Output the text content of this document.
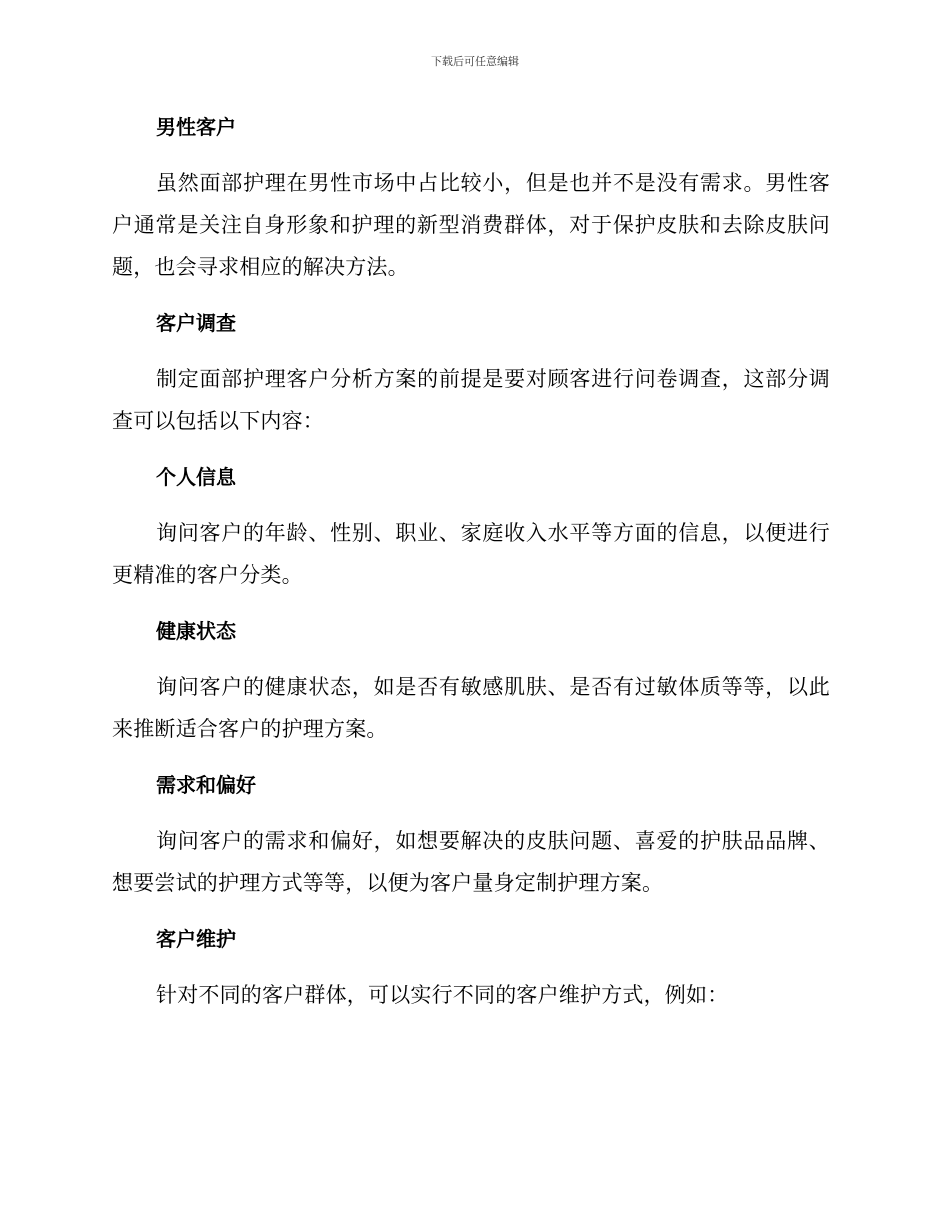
下载后可任意编辑
男性客户

虽然面部护理在男性市场中占比较小，但是也并不是没有需求。男性客户通常是关注自身形象和护理的新型消费群体，对于保护皮肤和去除皮肤问题，也会寻求相应的解决方法。

客户调查

制定面部护理客户分析方案的前提是要对顾客进行问卷调查，这部分调查可以包括以下内容：

个人信息

询问客户的年龄、性别、职业、家庭收入水平等方面的信息，以便进行更精准的客户分类。

健康状态

询问客户的健康状态，如是否有敏感肌肤、是否有过敏体质等等，以此来推断适合客户的护理方案。

需求和偏好

询问客户的需求和偏好，如想要解决的皮肤问题、喜爱的护肤品品牌、想要尝试的护理方式等等，以便为客户量身定制护理方案。

客户维护

针对不同的客户群体，可以实行不同的客户维护方式，例如：
